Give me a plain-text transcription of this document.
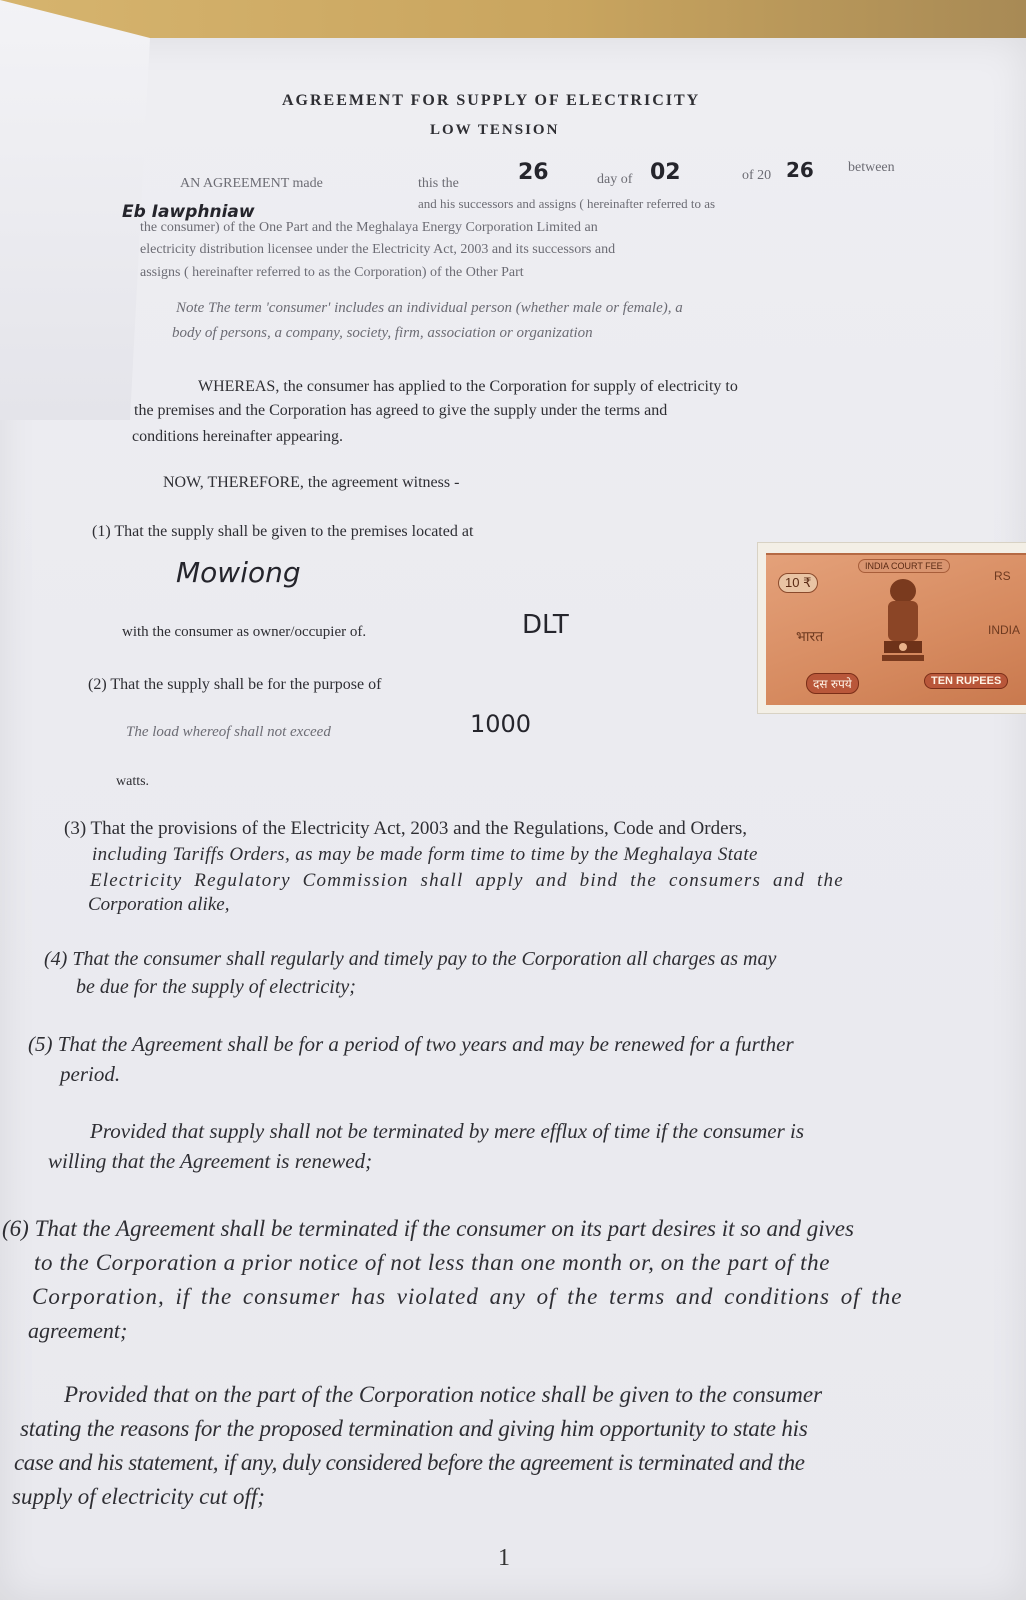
AGREEMENT FOR SUPPLY OF ELECTRICITY
LOW TENSION
AN AGREEMENT made	this the	26	day of 02	of 20 26 between
Eb Iawphniaw	and his successors and assigns ( hereinafter referred to as
the consumer) of the One Part and the Meghalaya Energy Corporation Limited an
electricity distribution licensee under the Electricity Act, 2003 and its successors and
assigns ( hereinafter referred to as the Corporation) of the Other Part
Note The term 'consumer' includes an individual person (whether male or female), a
body of persons, a company, society, firm, association or organization
WHEREAS, the consumer has applied to the Corporation for supply of electricity to
the premises and the Corporation has agreed to give the supply under the terms and
conditions hereinafter appearing.
NOW, THEREFORE, the agreement witness -
(1) That the supply shall be given to the premises located at
Mowiong
with the consumer as owner/occupier of.	DLT
(2) That the supply shall be for the purpose of
The load whereof shall not exceed	1000
watts.
(3) That the provisions of the Electricity Act, 2003 and the Regulations, Code and Orders,
including Tariffs Orders, as may be made form time to time by the Meghalaya State
Electricity Regulatory Commission shall apply and bind the consumers and the
Corporation alike,
(4) That the consumer shall regularly and timely pay to the Corporation all charges as may
be due for the supply of electricity;
(5) That the Agreement shall be for a period of two years and may be renewed for a further
period.
Provided that supply shall not be terminated by mere efflux of time if the consumer is
willing that the Agreement is renewed;
(6) That the Agreement shall be terminated if the consumer on its part desires it so and gives
to the Corporation a prior notice of not less than one month or, on the part of the
Corporation, if the consumer has violated any of the terms and conditions of the
agreement;
Provided that on the part of the Corporation notice shall be given to the consumer
stating the reasons for the proposed termination and giving him opportunity to state his
case and his statement, if any, duly considered before the agreement is terminated and the
supply of electricity cut off;
10 ₹
INDIA COURT FEE
RS
भारत	INDIA
दस रुपये	TEN RUPEES
1
